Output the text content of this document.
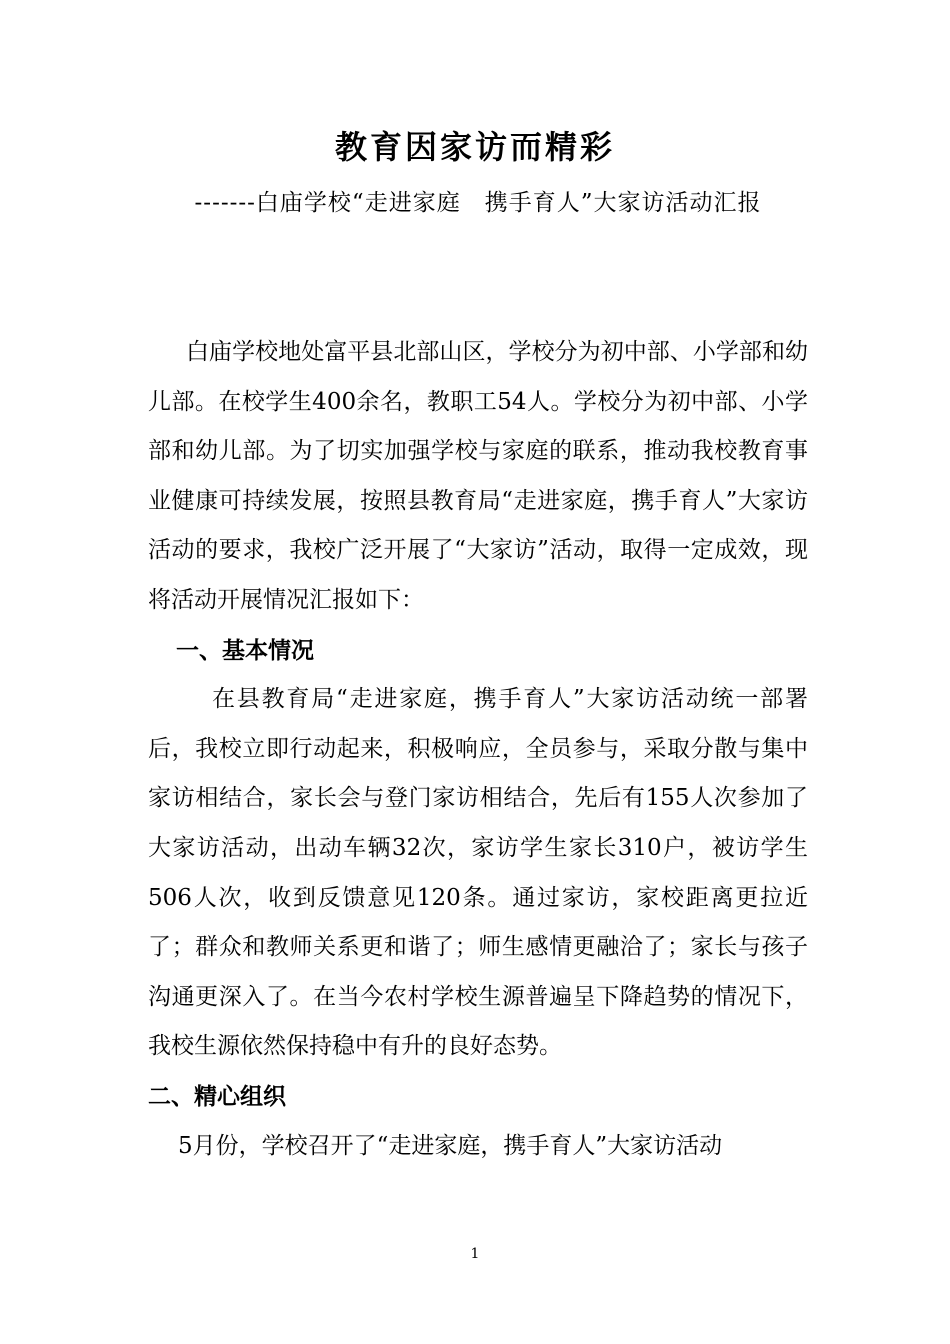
教育因家访而精彩
-------白庙学校“走进家庭　携手育人”大家访活动汇报

白庙学校地处富平县北部山区，学校分为初中部、小学部和幼儿部。在校学生400余名，教职工54人。学校分为初中部、小学部和幼儿部。为了切实加强学校与家庭的联系，推动我校教育事业健康可持续发展，按照县教育局“走进家庭，携手育人”大家访活动的要求，我校广泛开展了“大家访”活动，取得一定成效，现将活动开展情况汇报如下：

一、基本情况

在县教育局“走进家庭，携手育人”大家访活动统一部署后，我校立即行动起来，积极响应，全员参与，采取分散与集中家访相结合，家长会与登门家访相结合，先后有155人次参加了大家访活动，出动车辆32次，家访学生家长310户，被访学生506人次，收到反馈意见120条。通过家访，家校距离更拉近了；群众和教师关系更和谐了；师生感情更融洽了；家长与孩子沟通更深入了。在当今农村学校生源普遍呈下降趋势的情况下，我校生源依然保持稳中有升的良好态势。

二、精心组织

5月份，学校召开了“走进家庭，携手育人”大家访活动

1
